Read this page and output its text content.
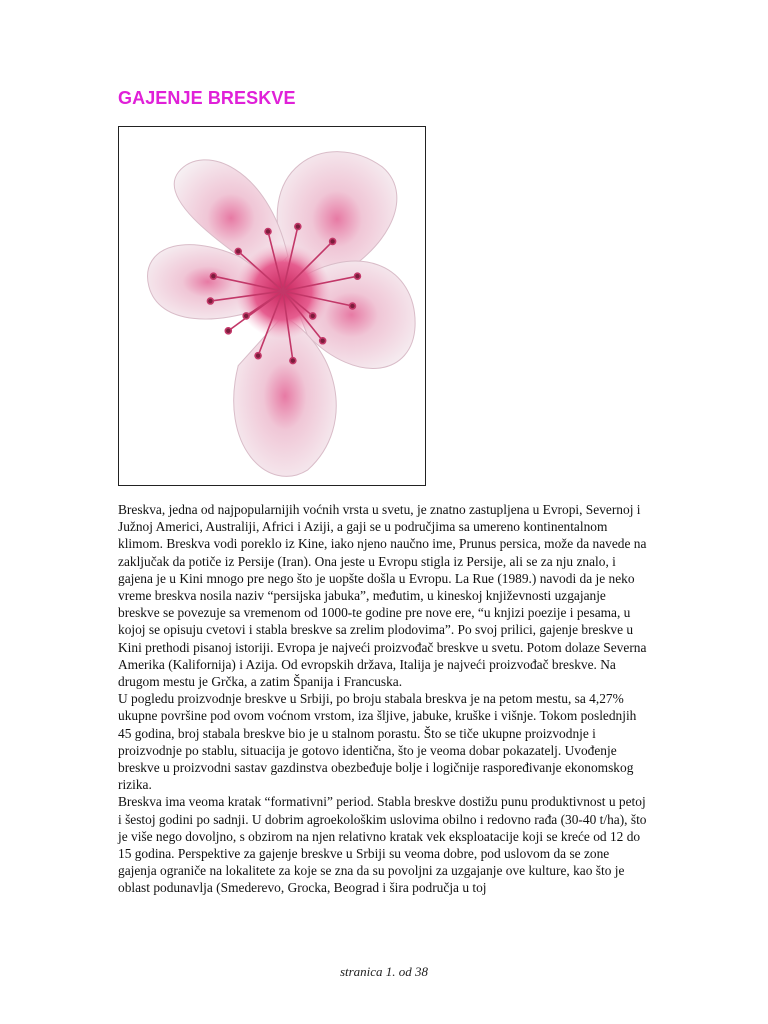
GAJENJE BRESKVE

Breskva, jedna od najpopularnijih voćnih vrsta u svetu, je znatno zastupljena u Evropi, Severnoj i Južnoj Americi, Australiji, Africi i Aziji, a gaji se u područjima sa umereno kontinentalnom klimom. Breskva vodi poreklo iz Kine, iako njeno naučno ime, Prunus persica, može da navede na zaključak da potiče iz Persije (Iran). Ona jeste u Evropu stigla iz Persije, ali se za nju znalo, i gajena je u Kini mnogo pre nego što je uopšte došla u Evropu. La Rue (1989.) navodi da je neko vreme breskva nosila naziv “persijska jabuka”, međutim, u kineskoj književnosti uzgajanje breskve se povezuje sa vremenom od 1000-te godine pre nove ere, “u knjizi poezije i pesama, u kojoj se opisuju cvetovi i stabla breskve sa zrelim plodovima”. Po svoj prilici, gajenje breskve u Kini prethodi pisanoj istoriji. Evropa je najveći proizvođač breskve u svetu. Potom dolaze Severna Amerika (Kalifornija) i Azija. Od evropskih država, Italija je najveći proizvođač breskve. Na drugom mestu je Grčka, a zatim Španija i Francuska.

U pogledu proizvodnje breskve u Srbiji, po broju stabala breskva je na petom mestu, sa 4,27% ukupne površine pod ovom voćnom vrstom, iza šljive, jabuke, kruške i višnje. Tokom poslednjih 45 godina, broj stabala breskve bio je u stalnom porastu. Što se tiče ukupne proizvodnje i proizvodnje po stablu, situacija je gotovo identična, što je veoma dobar pokazatelj. Uvođenje breskve u proizvodni sastav gazdinstva obezbeđuje bolje i logičnije raspoređivanje ekonomskog rizika.

Breskva ima veoma kratak “formativni” period. Stabla breskve dostižu punu produktivnost u petoj i šestoj godini po sadnji. U dobrim agroekološkim uslovima obilno i redovno rađa (30-40 t/ha), što je više nego dovoljno, s obzirom na njen relativno kratak vek eksploatacije koji se kreće od 12 do 15 godina. Perspektive za gajenje breskve u Srbiji su veoma dobre, pod uslovom da se zone gajenja ograniče na lokalitete za koje se zna da su povoljni za uzgajanje ove kulture, kao što je oblast podunavlja (Smederevo, Grocka, Beograd i šira područja u toj

stranica 1. od 38
